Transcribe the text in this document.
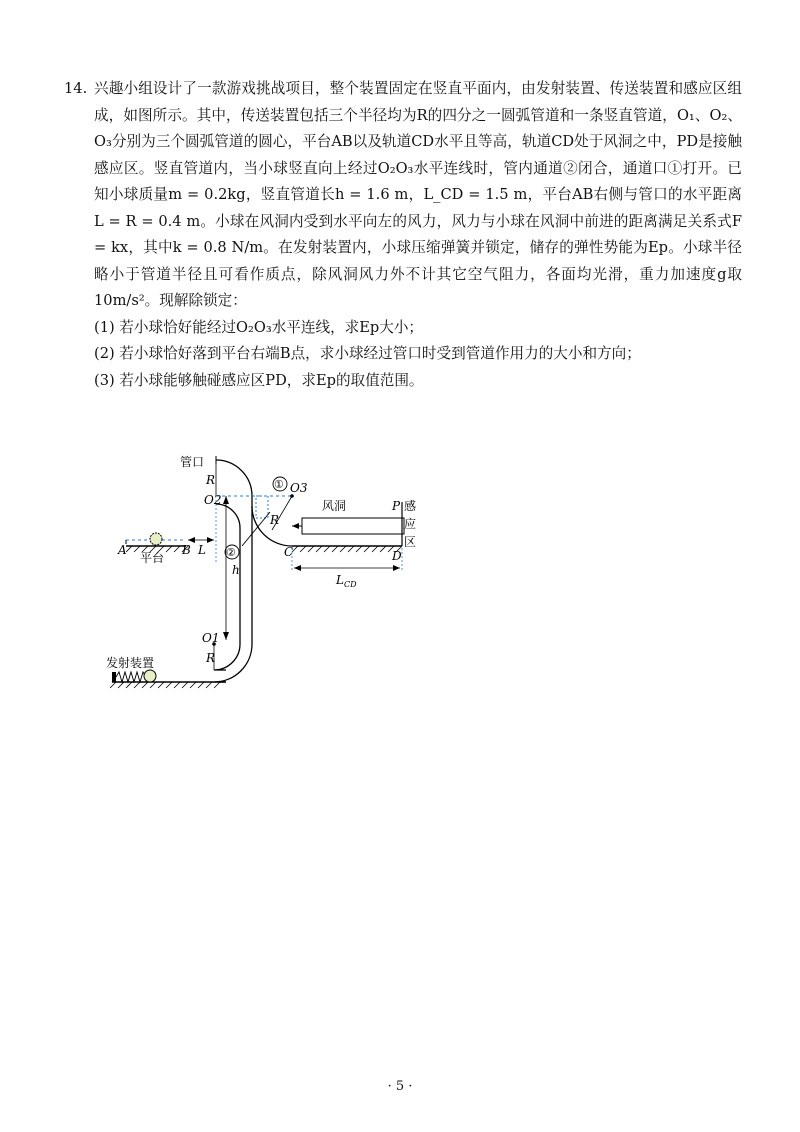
14. 兴趣小组设计了一款游戏挑战项目，整个装置固定在竖直平面内，由发射装置、传送装置和感应区组成，如图所示。其中，传送装置包括三个半径均为R的四分之一圆弧管道和一条竖直管道，O₁、O₂、O₃分别为三个圆弧管道的圆心，平台AB以及轨道CD水平且等高，轨道CD处于风洞之中，PD是接触感应区。竖直管道内，当小球竖直向上经过O₂O₃水平连线时，管内通道②闭合，通道口①打开。已知小球质量m = 0.2kg，竖直管道长h = 1.6 m，L_CD = 1.5 m，平台AB右侧与管口的水平距离L = R = 0.4 m。小球在风洞内受到水平向左的风力，风力与小球在风洞中前进的距离满足关系式F = kx，其中k = 0.8 N/m。在发射装置内，小球压缩弹簧并锁定，储存的弹性势能为Ep。小球半径略小于管道半径且可看作质点，除风洞风力外不计其它空气阻力，各面均光滑，重力加速度g取10m/s²。现解除锁定：

(1) 若小球恰好能经过O₂O₃水平连线，求Ep大小；

(2) 若小球恰好落到平台右端B点，求小球经过管口时受到管道作用力的大小和方向；

(3) 若小球能够触碰感应区PD，求Ep的取值范围。

发射装置
O1
R
h
管口
R
O2
O3
①
R
②
风洞	P 感
应
区
C	D
$L_{CD}$
A	B
平台
L
· 5 ·
